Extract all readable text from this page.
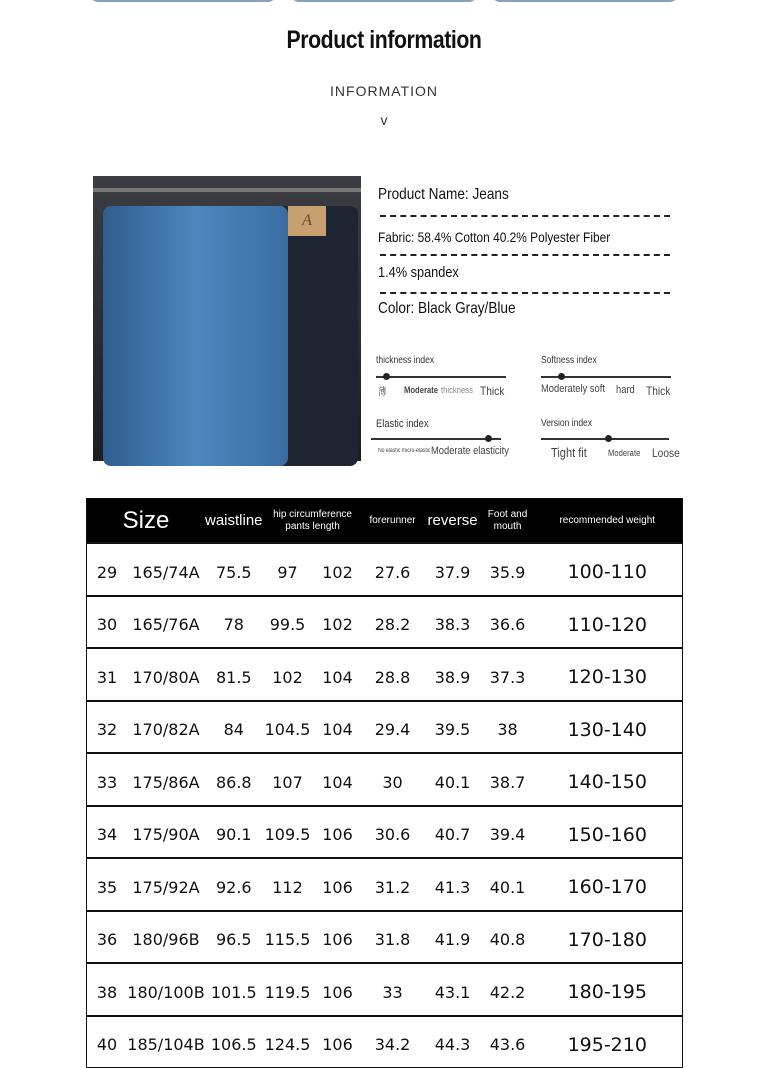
Product information
INFORMATION
v
A
Product Name: Jeans
Fabric: 58.4% Cotton 40.2% Polyester Fiber
1.4% spandex
Color: Black Gray/Blue
thickness index
薄 Moderate thickness Thick
Softness index
Moderately soft hard Thick
Elastic index
No elastic micro-elastic Moderate elasticity
Version index
Tight fit Moderate Loose
Size		waistline	hip circumference pants length		forerunner	reverse	Foot and mouth	recommended weight
29	165/74A	75.5	97	102	27.6	37.9	35.9	100-110
30	165/76A	78	99.5	102	28.2	38.3	36.6	110-120
31	170/80A	81.5	102	104	28.8	38.9	37.3	120-130
32	170/82A	84	104.5	104	29.4	39.5	38	130-140
33	175/86A	86.8	107	104	30	40.1	38.7	140-150
34	175/90A	90.1	109.5	106	30.6	40.7	39.4	150-160
35	175/92A	92.6	112	106	31.2	41.3	40.1	160-170
36	180/96B	96.5	115.5	106	31.8	41.9	40.8	170-180
38	180/100B	101.5	119.5	106	33	43.1	42.2	180-195
40	185/104B	106.5	124.5	106	34.2	44.3	43.6	195-210
